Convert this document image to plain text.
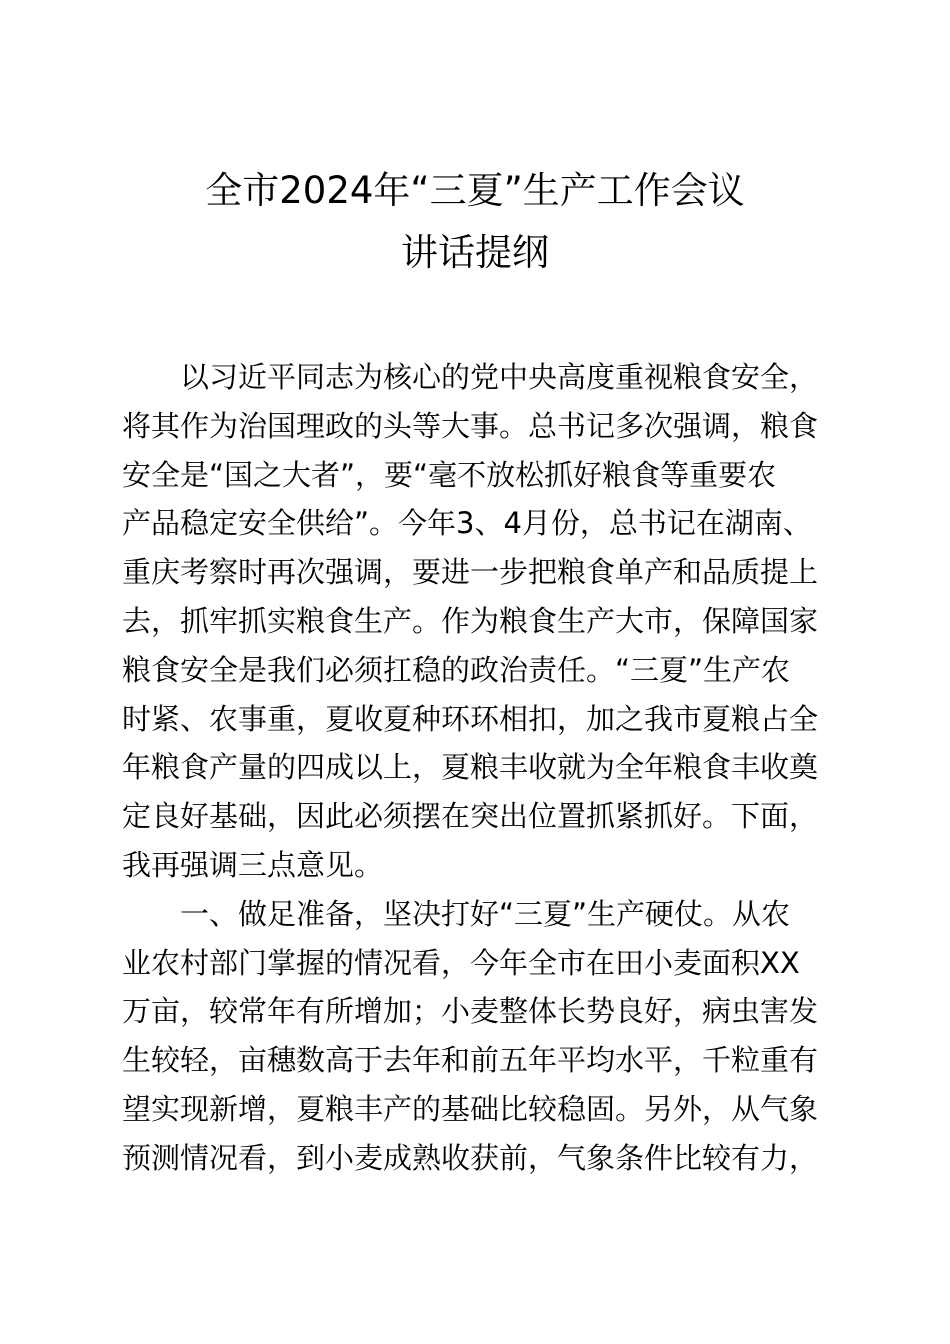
全市2024年“三夏”生产工作会议
讲话提纲
以习近平同志为核心的党中央高度重视粮食安全，
将其作为治国理政的头等大事。总书记多次强调，粮食
安全是“国之大者”，要“毫不放松抓好粮食等重要农
产品稳定安全供给”。今年3、4月份，总书记在湖南、
重庆考察时再次强调，要进一步把粮食单产和品质提上
去，抓牢抓实粮食生产。作为粮食生产大市，保障国家
粮食安全是我们必须扛稳的政治责任。“三夏”生产农
时紧、农事重，夏收夏种环环相扣，加之我市夏粮占全
年粮食产量的四成以上，夏粮丰收就为全年粮食丰收奠
定良好基础，因此必须摆在突出位置抓紧抓好。下面，
我再强调三点意见。
一、做足准备，坚决打好“三夏”生产硬仗。从农
业农村部门掌握的情况看，今年全市在田小麦面积XX
万亩，较常年有所增加；小麦整体长势良好，病虫害发
生较轻，亩穗数高于去年和前五年平均水平，千粒重有
望实现新增，夏粮丰产的基础比较稳固。另外，从气象
预测情况看，到小麦成熟收获前，气象条件比较有力，
